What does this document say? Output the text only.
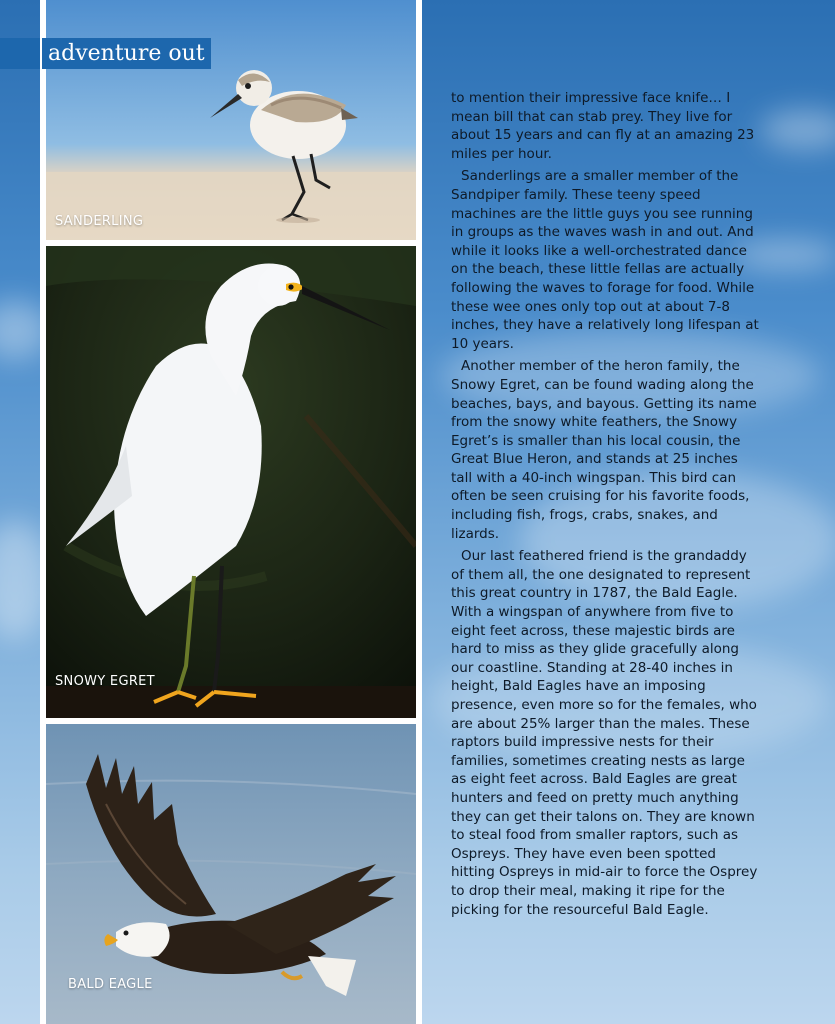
SANDERLING
SNOWY EGRET
BALD EAGLE
adventure out

to mention their impressive face knife… I mean bill that can stab prey. They live for about 15 years and can fly at an amazing 23 miles per hour.

Sanderlings are a smaller member of the Sandpiper family. These teeny speed machines are the little guys you see running in groups as the waves wash in and out. And while it looks like a well-orchestrated dance on the beach, these little fellas are actually following the waves to forage for food. While these wee ones only top out at about 7-8 inches, they have a relatively long lifespan at 10 years.

Another member of the heron family, the Snowy Egret, can be found wading along the beaches, bays, and bayous. Getting its name from the snowy white feathers, the Snowy Egret’s is smaller than his local cousin, the Great Blue Heron, and stands at 25 inches tall with a 40-inch wingspan. This bird can often be seen cruising for his favorite foods, including fish, frogs, crabs, snakes, and lizards.

Our last feathered friend is the grandaddy of them all, the one designated to represent this great country in 1787, the Bald Eagle. With a wingspan of anywhere from five to eight feet across, these majestic birds are hard to miss as they glide gracefully along our coastline. Standing at 28-40 inches in height, Bald Eagles have an imposing presence, even more so for the females, who are about 25% larger than the males. These raptors build impressive nests for their families, sometimes creating nests as large as eight feet across. Bald Eagles are great hunters and feed on pretty much anything they can get their talons on. They are known to steal food from smaller raptors, such as Ospreys. They have even been spotted hitting Ospreys in mid-air to force the Osprey to drop their meal, making it ripe for the picking for the resourceful Bald Eagle.
